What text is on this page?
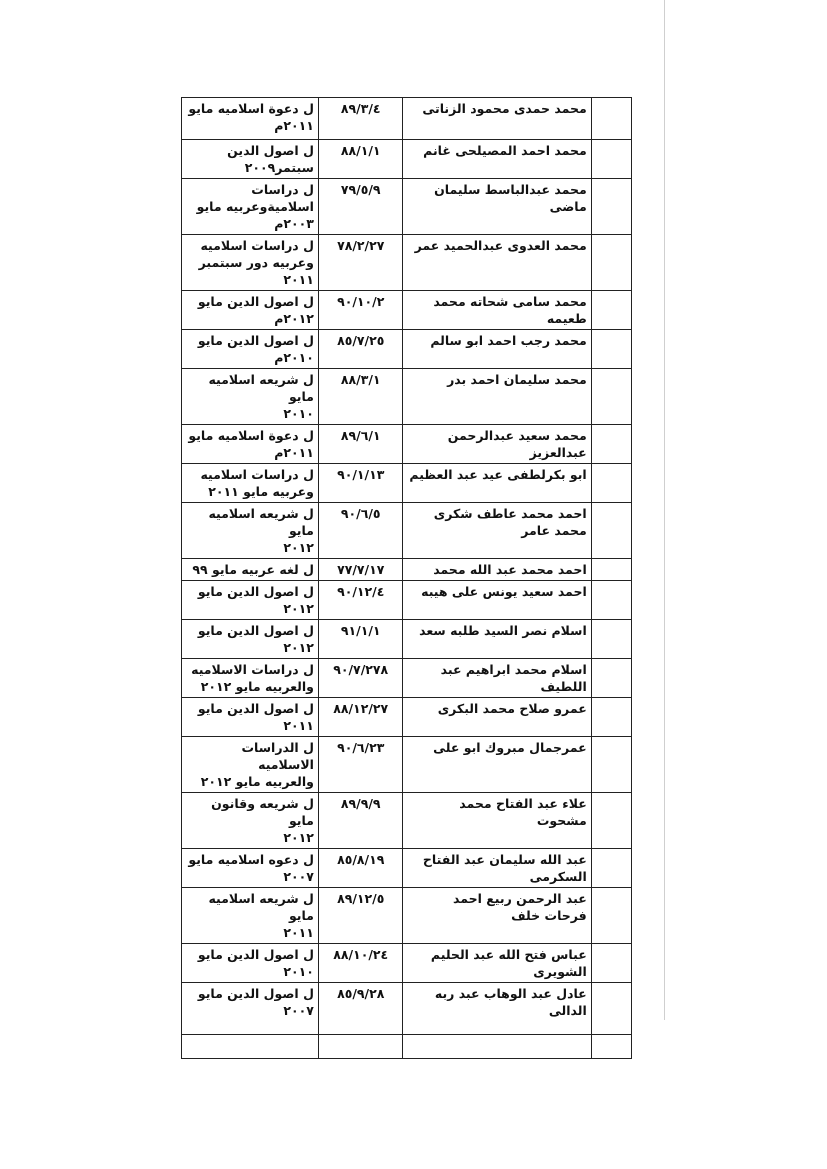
	محمد حمدى محمود الزناتى	٨٩/٣/٤	ل دعوة اسلاميه مايو
٢٠١١م

	محمد احمد المصيلحى غانم	٨٨/١/١	ل اصول الدين
سبتمر٢٠٠٩

	محمد عبدالباسط سليمان ماضى	٧٩/٥/٩	ل دراسات اسلاميةوعربيه مايو
٢٠٠٣م

	محمد العدوى عبدالحميد عمر	٧٨/٢/٢٧	ل دراسات اسلاميه وعربيه دور سبتمبر
٢٠١١

	محمد سامى شحاته محمد طعيمه	٩٠/١٠/٢	ل اصول الدين مايو
٢٠١٢م

	محمد رجب احمد ابو سالم	٨٥/٧/٢٥	ل اصول الدين مايو
٢٠١٠م

	محمد سليمان احمد بدر	٨٨/٣/١	ل شريعه اسلاميه مايو
٢٠١٠

	محمد سعيد عبدالرحمن عبدالعزيز	٨٩/٦/١	ل دعوة اسلاميه مايو
٢٠١١م

	ابو بكرلطفى عيد عبد العظيم	٩٠/١/١٣	ل دراسات اسلاميه
وعربيه مايو ٢٠١١

	احمد محمد عاطف شكرى محمد عامر	٩٠/٦/٥	ل شريعه اسلاميه مايو
٢٠١٢

	احمد محمد عبد الله محمد	٧٧/٧/١٧	ل لغه عربيه مايو ٩٩

	احمد سعيد يونس على هيبه	٩٠/١٢/٤	ل اصول الدين مايو
٢٠١٢

	اسلام نصر السيد طلبه سعد	٩١/١/١	ل اصول الدين مايو
٢٠١٢

	اسلام محمد ابراهيم عبد اللطيف	٩٠/٧/٢٧٨	ل دراسات الاسلاميه
والعربيه مايو ٢٠١٢

	عمرو صلاح محمد البكرى	٨٨/١٢/٢٧	ل اصول الدين مايو
٢٠١١

	عمرجمال مبروك ابو على	٩٠/٦/٢٣	ل الدراسات الاسلاميه
والعربيه مايو ٢٠١٢

	علاء عبد الفتاح محمد مشحوت	٨٩/٩/٩	ل شريعه وقانون مايو
٢٠١٢

	عبد الله سليمان عبد الفتاح السكرمى	٨٥/٨/١٩	ل دعوه اسلاميه مايو
٢٠٠٧

	عبد الرحمن ربيع احمد فرحات خلف	٨٩/١٢/٥	ل شريعه اسلاميه مايو
٢٠١١

	عباس فتح الله عبد الحليم الشويرى	٨٨/١٠/٢٤	ل اصول الدين مايو
٢٠١٠

	عادل عبد الوهاب عبد ربه الدالى	٨٥/٩/٢٨	ل اصول الدين مايو
٢٠٠٧
